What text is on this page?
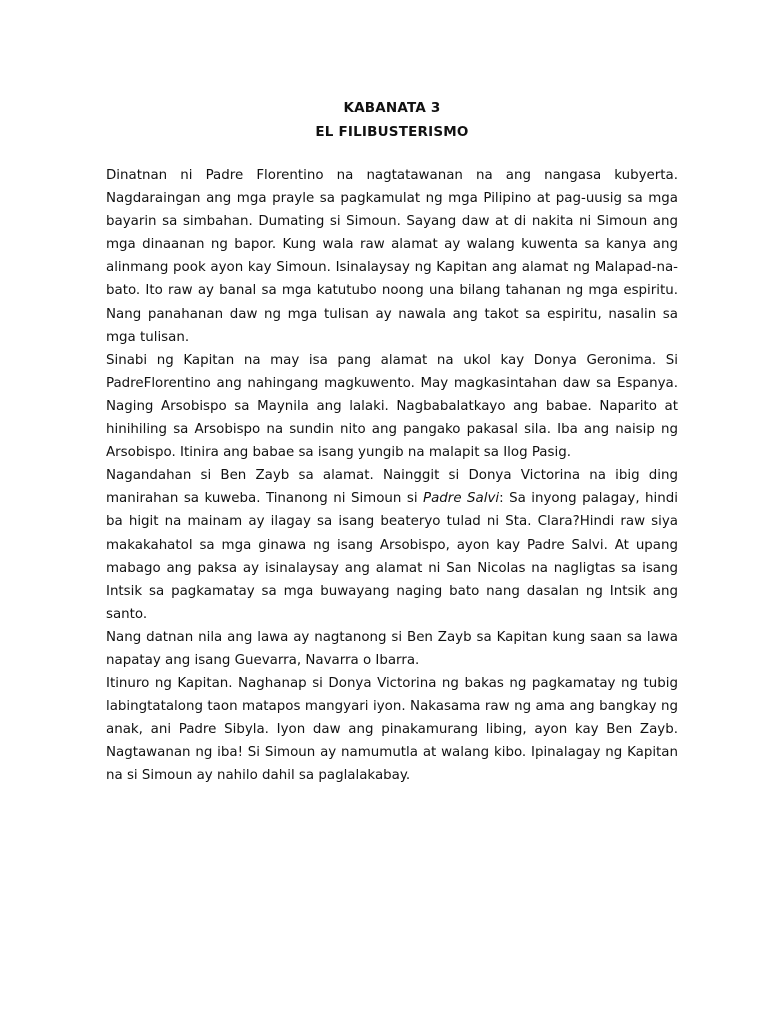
KABANATA 3
EL FILIBUSTERISMO

Dinatnan ni Padre Florentino na nagtatawanan na ang nangasa kubyerta. Nagdaraingan ang mga prayle sa pagkamulat ng mga Pilipino at pag-uusig sa mga bayarin sa simbahan. Dumating si Simoun. Sayang daw at di nakita ni Simoun ang mga dinaanan ng bapor. Kung wala raw alamat ay walang kuwenta sa kanya ang alinmang pook ayon kay Simoun. Isinalaysay ng Kapitan ang alamat ng Malapad-na-bato. Ito raw ay banal sa mga katutubo noong una bilang tahanan ng mga espiritu. Nang panahanan daw ng mga tulisan ay nawala ang takot sa espiritu, nasalin sa mga tulisan.

Sinabi ng Kapitan na may isa pang alamat na ukol kay Donya Geronima. Si PadreFlorentino ang nahingang magkuwento. May magkasintahan daw sa Espanya. Naging Arsobispo sa Maynila ang lalaki. Nagbabalatkayo ang babae. Naparito at hinihiling sa Arsobispo na sundin nito ang pangako pakasal sila. Iba ang naisip ng Arsobispo. Itinira ang babae sa isang yungib na malapit sa Ilog Pasig.

Nagandahan si Ben Zayb sa alamat. Nainggit si Donya Victorina na ibig ding manirahan sa kuweba. Tinanong ni Simoun si Padre Salvi: Sa inyong palagay, hindi ba higit na mainam ay ilagay sa isang beateryo tulad ni Sta. Clara?Hindi raw siya makakahatol sa mga ginawa ng isang Arsobispo, ayon kay Padre Salvi. At upang mabago ang paksa ay isinalaysay ang alamat ni San Nicolas na nagligtas sa isang Intsik sa pagkamatay sa mga buwayang naging bato nang dasalan ng Intsik ang santo.

Nang datnan nila ang lawa ay nagtanong si Ben Zayb sa Kapitan kung saan sa lawa napatay ang isang Guevarra, Navarra o Ibarra.

Itinuro ng Kapitan. Naghanap si Donya Victorina ng bakas ng pagkamatay ng tubig labingtatalong taon matapos mangyari iyon. Nakasama raw ng ama ang bangkay ng anak, ani Padre Sibyla. Iyon daw ang pinakamurang libing, ayon kay Ben Zayb. Nagtawanan ng iba! Si Simoun ay namumutla at walang kibo. Ipinalagay ng Kapitan na si Simoun ay nahilo dahil sa paglalakabay.
